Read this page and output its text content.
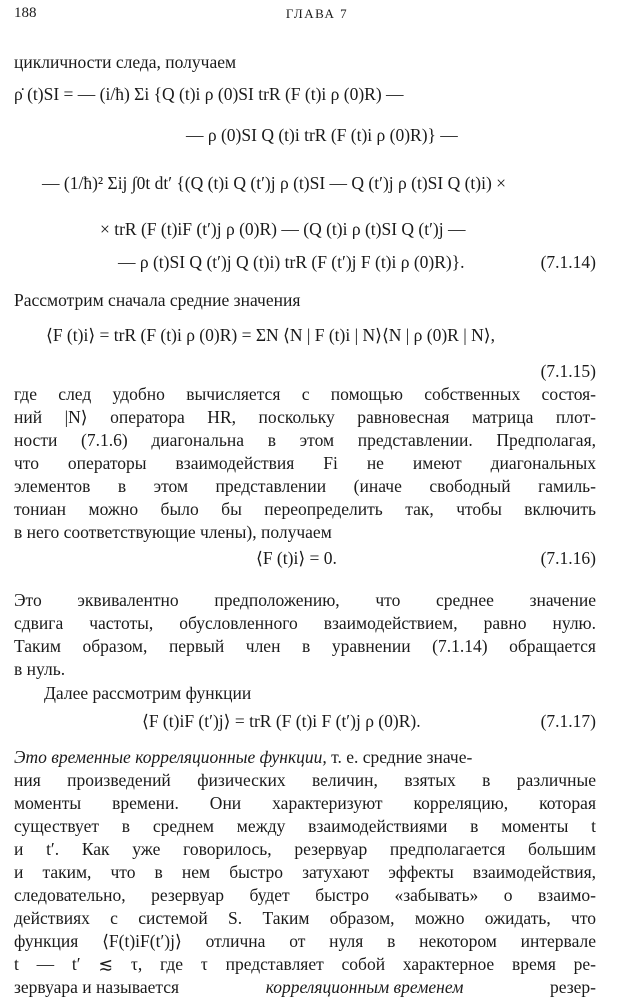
188	ГЛАВА 7
цикличности следа, получаем
ρ̇ (t)SI = — (i/ħ) Σi {Q (t)i ρ (0)SI trR (F (t)i ρ (0)R) —
— ρ (0)SI Q (t)i trR (F (t)i ρ (0)R)} —
— (1/ħ)² Σij ∫0t dt′ {(Q (t)i Q (t′)j ρ (t)SI — Q (t′)j ρ (t)SI Q (t)i) ×
× trR (F (t)iF (t′)j ρ (0)R) — (Q (t)i ρ (t)SI Q (t′)j —
— ρ (t)SI Q (t′)j Q (t)i) trR (F (t′)j F (t)i ρ (0)R)}.	(7.1.14)
Рассмотрим сначала средние значения
⟨F (t)i⟩ = trR (F (t)i ρ (0)R) = ΣN ⟨N | F (t)i | N⟩⟨N | ρ (0)R | N⟩,
(7.1.15)
где след удобно вычисляется с помощью собственных состоя-
ний |N⟩ оператора HR, поскольку равновесная матрица плот-
ности (7.1.6) диагональна в этом представлении. Предполагая,
что операторы взаимодействия Fi не имеют диагональных
элементов в этом представлении (иначе свободный гамиль-
тониан можно было бы переопределить так, чтобы включить
в него соответствующие члены), получаем
⟨F (t)i⟩ = 0.	(7.1.16)
Это эквивалентно предположению, что среднее значение
сдвига частоты, обусловленного взаимодействием, равно нулю.
Таким образом, первый член в уравнении (7.1.14) обращается
в нуль.
Далее рассмотрим функции
⟨F (t)iF (t′)j⟩ = trR (F (t)i F (t′)j ρ (0)R).	(7.1.17)
Это временные корреляционные функции, т. е. средние значе-
ния произведений физических величин, взятых в различные
моменты времени. Они характеризуют корреляцию, которая
существует в среднем между взаимодействиями в моменты t
и t′. Как уже говорилось, резервуар предполагается большим
и таким, что в нем быстро затухают эффекты взаимодействия,
следовательно, резервуар будет быстро «забывать» о взаимо-
действиях с системой S. Таким образом, можно ожидать, что
функция ⟨F(t)iF(t′)j⟩ отлична от нуля в некотором интервале
t — t′ ≲ τ, где τ представляет собой характерное время ре-
зервуара и называется	корреляционным временем	резер-
